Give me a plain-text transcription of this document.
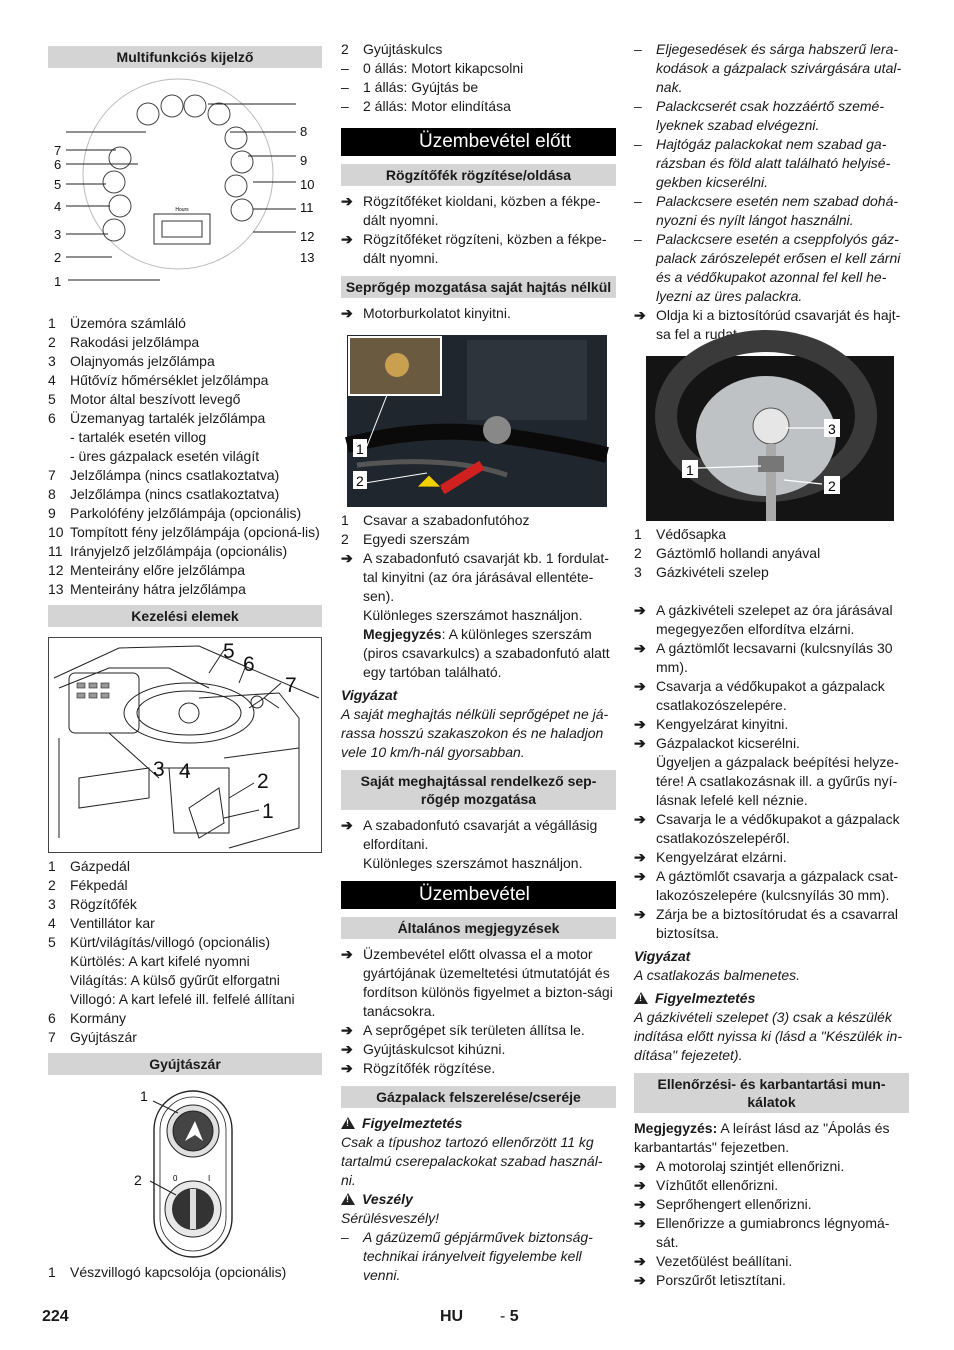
Multifunkciós kijelző
Hours
1
2
3
4
5
6
7
8
9
10
11
12
13
1	Üzemóra számláló
2	Rakodási jelzőlámpa
3	Olajnyomás jelzőlámpa
4	Hűtővíz hőmérséklet jelzőlámpa
5	Motor által beszívott levegő
6	Üzemanyag tartalék jelzőlámpa
- tartalék esetén villog
- üres gázpalack esetén világít
7	Jelzőlámpa (nincs csatlakoztatva)
8	Jelzőlámpa (nincs csatlakoztatva)
9	Parkolófény jelzőlámpája (opcionális)
10 Tompított fény jelzőlámpája (opcioná-lis)
11 Irányjelző jelzőlámpája (opcionális)
12 Menteirány előre jelzőlámpa
13 Menteirány hátra jelzőlámpa
Kezelési elemek
5
6
7
3 4	2
1
1	Gázpedál
2	Fékpedál
3	Rögzítőfék
4	Ventillátor kar
5	Kürt/világítás/villogó (opcionális)
Kürtölés: A kart kifelé nyomni
Világítás: A külső gyűrűt elforgatni
Villogó: A kart lefelé ill. felfelé állítani
6	Kormány
7	Gyújtászár
Gyújtászár
0	I
1
2
1	Vészvillogó kapcsolója (opcionális)
2	Gyújtáskulcs
–	0 állás: Motort kikapcsolni
–	1 állás: Gyújtás be
–	2 állás: Motor elindítása
Üzembevétel előtt
Rögzítőfék rögzítése/oldása
➔ Rögzítőféket kioldani, közben a fékpe-dált nyomni.
➔ Rögzítőféket rögzíteni, közben a fékpe-dált nyomni.
Seprőgép mozgatása saját hajtás nélkül
➔ Motorburkolatot kinyitni.
1
2
1	Csavar a szabadonfutóhoz
2	Egyedi szerszám
➔ A szabadonfutó csavarját kb. 1 fordulat-tal kinyitni (az óra járásával ellentéte-sen).
Különleges szerszámot használjon.
Megjegyzés: A különleges szerszám (piros csavarkulcs) a szabadonfutó alatt egy tartóban található.
Vigyázat
A saját meghajtás nélküli seprőgépet ne já-rassa hosszú szakaszokon és ne haladjon vele 10 km/h-nál gyorsabban.
Saját meghajtással rendelkező sep-rőgép mozgatása
➔ A szabadonfutó csavarját a végállásig elfordítani.
Különleges szerszámot használjon.
Üzembevétel
Általános megjegyzések
➔ Üzembevétel előtt olvassa el a motor gyártójának üzemeltetési útmutatóját és fordítson különös figyelmet a bizton-sági tanácsokra.
➔ A seprőgépet sík területen állítsa le.
➔ Gyújtáskulcsot kihúzni.
➔ Rögzítőfék rögzítése.
Gázpalack felszerelése/cseréje
!Figyelmeztetés
Csak a típushoz tartozó ellenőrzött 11 kg tartalmú cserepalackokat szabad használ-ni.
!Veszély
Sérülésveszély!
–	A gázüzemű gépjárművek biztonság-technikai irányelveit figyelembe kell venni.
–	Eljegesedések és sárga habszerű lera-kodások a gázpalack szivárgására utal-nak.
–	Palackcserét csak hozzáértő szemé-lyeknek szabad elvégezni.
–	Hajtógáz palackokat nem szabad ga-rázsban és föld alatt található helyisé-gekben kicserélni.
–	Palackcsere esetén nem szabad dohá-nyozni és nyílt lángot használni.
–	Palackcsere esetén a cseppfolyós gáz-palack zárószelepét erősen el kell zárni és a védőkupakot azonnal fel kell he-lyezni az üres palackra.
➔ Oldja ki a biztosítórúd csavarját és hajt-sa fel a rudat.
1
2
3
1	Védősapka
2	Gáztömlő hollandi anyával
3	Gázkivételi szelep
➔ A gázkivételi szelepet az óra járásával megegyezően elfordítva elzárni.
➔ A gáztömlőt lecsavarni (kulcsnyílás 30 mm).
➔ Csavarja a védőkupakot a gázpalack csatlakozószelepére.
➔ Kengyelzárat kinyitni.
➔ Gázpalackot kicserélni.
Ügyeljen a gázpalack beépítési helyze-tére! A csatlakozásnak ill. a gyűrűs nyí-lásnak lefelé kell néznie.
➔ Csavarja le a védőkupakot a gázpalack csatlakozószelepéről.
➔ Kengyelzárat elzárni.
➔ A gáztömlőt csavarja a gázpalack csat-lakozószelepére (kulcsnyílás 30 mm).
➔ Zárja be a biztosítórudat és a csavarral biztosítsa.
Vigyázat
A csatlakozás balmenetes.
!Figyelmeztetés
A gázkivételi szelepet (3) csak a készülék indítása előtt nyissa ki (lásd a "Készülék in-dítása" fejezetet).
Ellenőrzési- és karbantartási mun-kálatok
Megjegyzés: A leírást lásd az "Ápolás és karbantartás" fejezetben.
➔ A motorolaj szintjét ellenőrizni.
➔ Vízhűtőt ellenőrizni.
➔ Seprőhengert ellenőrizni.
➔ Ellenőrizze a gumiabroncs légnyomá-sát.
➔ Vezetőülést beállítani.
➔ Porszűrőt letisztítani.
224	HU - 5
